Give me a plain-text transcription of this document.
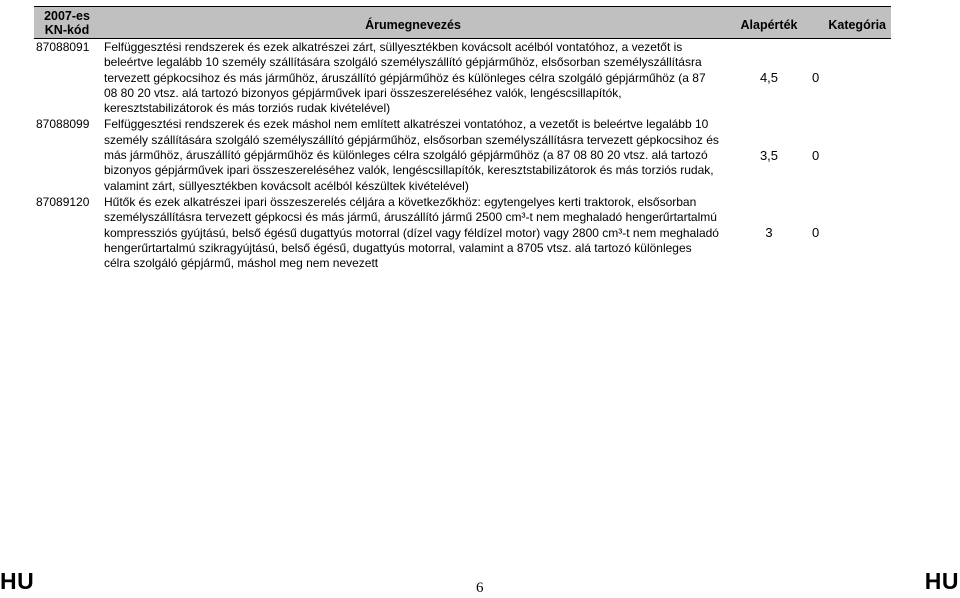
2007-es
KN-kód	Árumegnevezés	Alapérték	Kategória
87088091	Felfüggesztési rendszerek és ezek alkatrészei zárt, süllyesztékben kovácsolt acélból vontatóhoz, a vezetőt is beleértve legalább 10 személy szállítására szolgáló személyszállító gépjárműhöz, elsősorban személyszállításra tervezett gépkocsihoz és más járműhöz, áruszállító gépjárműhöz és különleges célra szolgáló gépjárműhöz (a 87 08 80 20 vtsz. alá tartozó bizonyos gépjárművek ipari összeszereléséhez valók, lengéscsillapítók, keresztstabilizátorok és más torziós rudak kivételével)	4,5	0
87088099	Felfüggesztési rendszerek és ezek máshol nem említett alkatrészei vontatóhoz, a vezetőt is beleértve legalább 10 személy szállítására szolgáló személyszállító gépjárműhöz, elsősorban személyszállításra tervezett gépkocsihoz és más járműhöz, áruszállító gépjárműhöz és különleges célra szolgáló gépjárműhöz (a 87 08 80 20 vtsz. alá tartozó bizonyos gépjárművek ipari összeszereléséhez valók, lengéscsillapítók, keresztstabilizátorok és más torziós rudak, valamint zárt, süllyesztékben kovácsolt acélból készültek kivételével)	3,5	0
87089120	Hűtők és ezek alkatrészei ipari összeszerelés céljára a következőkhöz: egytengelyes kerti traktorok, elsősorban személyszállításra tervezett gépkocsi és más jármű, áruszállító jármű 2500 cm³-t nem meghaladó hengerűrtartalmú kompressziós gyújtású, belső égésű dugattyús motorral (dízel vagy féldízel motor) vagy 2800 cm³-t nem meghaladó hengerűrtartalmú szikragyújtású, belső égésű, dugattyús motorral, valamint a 8705 vtsz. alá tartozó különleges célra szolgáló gépjármű, máshol meg nem nevezett	3	0
HU	6	HU
